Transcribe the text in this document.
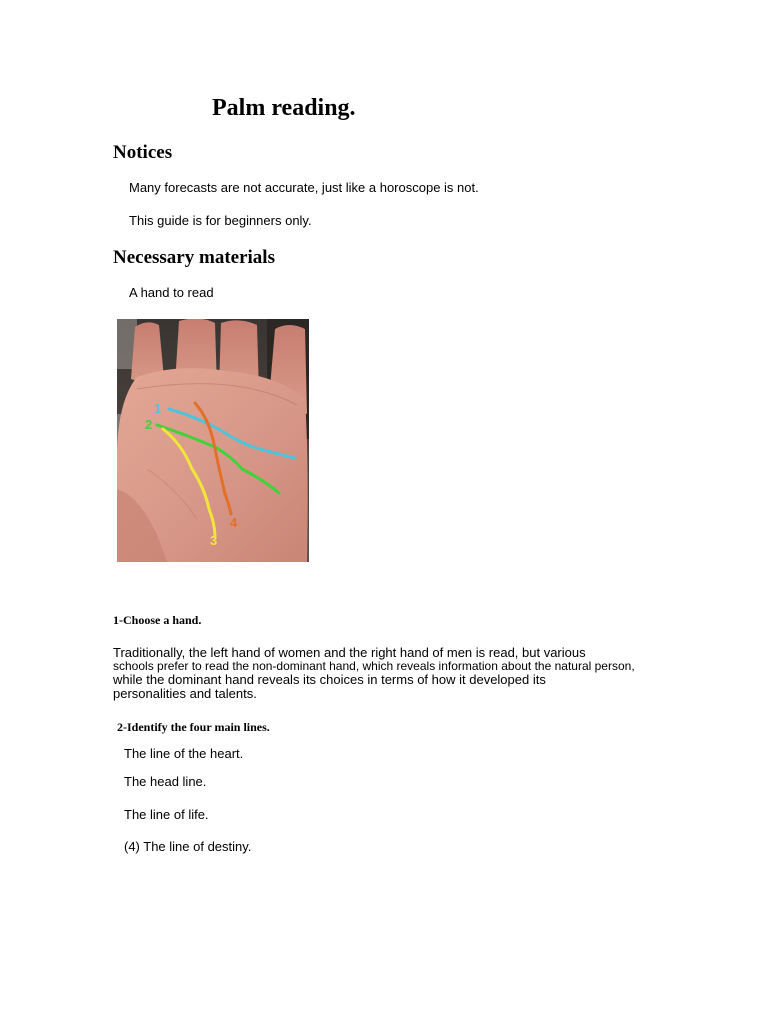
Palm reading.
Notices

Many forecasts are not accurate, just like a horoscope is not.

This guide is for beginners only.

Necessary materials

A hand to read

1
2
3
4

1-Choose a hand.

Traditionally, the left hand of women and the right hand of men is read, but various

schools prefer to read the non-dominant hand, which reveals information about the natural person,

while the dominant hand reveals its choices in terms of how it developed its

personalities and talents.

2-Identify the four main lines.

The line of the heart.

The head line.

The line of life.

(4) The line of destiny.
